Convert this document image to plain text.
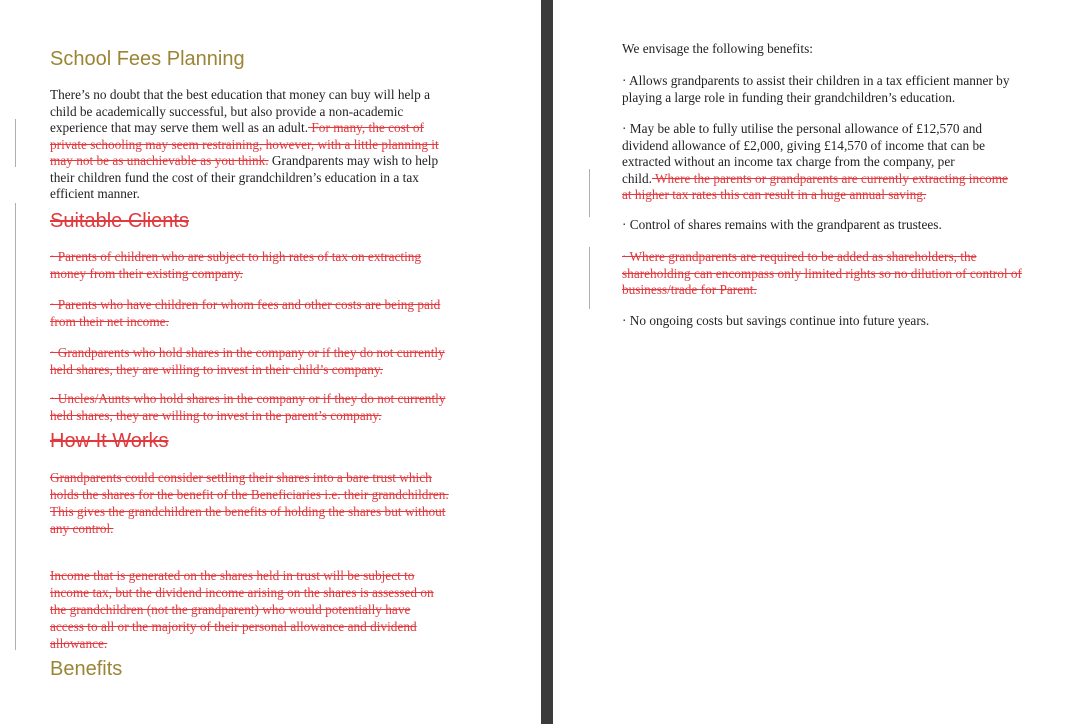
School Fees Planning
There’s no doubt that the best education that money can buy will help a
child be academically successful, but also provide a non-academic
experience that may serve them well as an adult. For many, the cost of
private schooling may seem restraining, however, with a little planning it
may not be as unachievable as you think. Grandparents may wish to help
their children fund the cost of their grandchildren’s education in a tax
efficient manner.
Suitable Clients
· Parents of children who are subject to high rates of tax on extracting
money from their existing company.
· Parents who have children for whom fees and other costs are being paid
from their net income.
· Grandparents who hold shares in the company or if they do not currently
held shares, they are willing to invest in their child’s company.
· Uncles/Aunts who hold shares in the company or if they do not currently
held shares, they are willing to invest in the parent’s company.
How It Works
Grandparents could consider settling their shares into a bare trust which
holds the shares for the benefit of the Beneficiaries i.e. their grandchildren.
This gives the grandchildren the benefits of holding the shares but without
any control.
Income that is generated on the shares held in trust will be subject to
income tax, but the dividend income arising on the shares is assessed on
the grandchildren (not the grandparent) who would potentially have
access to all or the majority of their personal allowance and dividend
allowance.
Benefits
We envisage the following benefits:
· Allows grandparents to assist their children in a tax efficient manner by
playing a large role in funding their grandchildren’s education.
· May be able to fully utilise the personal allowance of £12,570 and
dividend allowance of £2,000, giving £14,570 of income that can be
extracted without an income tax charge from the company, per
child. Where the parents or grandparents are currently extracting income
at higher tax rates this can result in a huge annual saving.
· Control of shares remains with the grandparent as trustees.
· Where grandparents are required to be added as shareholders, the
shareholding can encompass only limited rights so no dilution of control of
business/trade for Parent.
· No ongoing costs but savings continue into future years.
